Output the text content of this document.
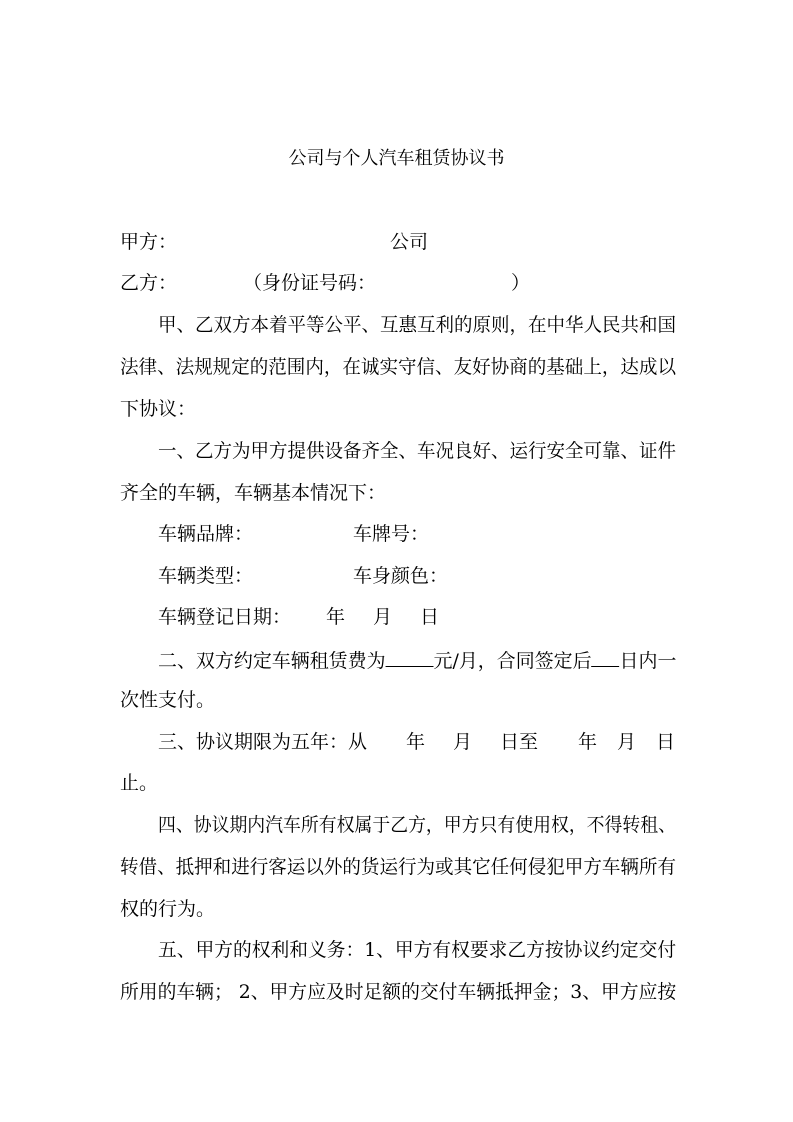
公司与个人汽车租赁协议书
甲方：	公司
乙方：	（身份证号码：	）
甲、乙双方本着平等公平、互惠互利的原则，在中华人民共和国
法律、法规规定的范围内，在诚实守信、友好协商的基础上，达成以
下协议：
一、乙方为甲方提供设备齐全、车况良好、运行安全可靠、证件
齐全的车辆，车辆基本情况下：
车辆品牌：	车牌号：
车辆类型：	车身颜色：
车辆登记日期： 年 月 日
二、双方约定车辆租赁费为	元/月，合同签定后 日内一
次性支付。
三、协议期限为五年：从 年 月 日至 年 月 日
止。
四、协议期内汽车所有权属于乙方，甲方只有使用权，不得转租、
转借、抵押和进行客运以外的货运行为或其它任何侵犯甲方车辆所有
权的行为。
五、甲方的权利和义务：1、甲方有权要求乙方按协议约定交付
所用的车辆； 2、甲方应及时足额的交付车辆抵押金；3、甲方应按
